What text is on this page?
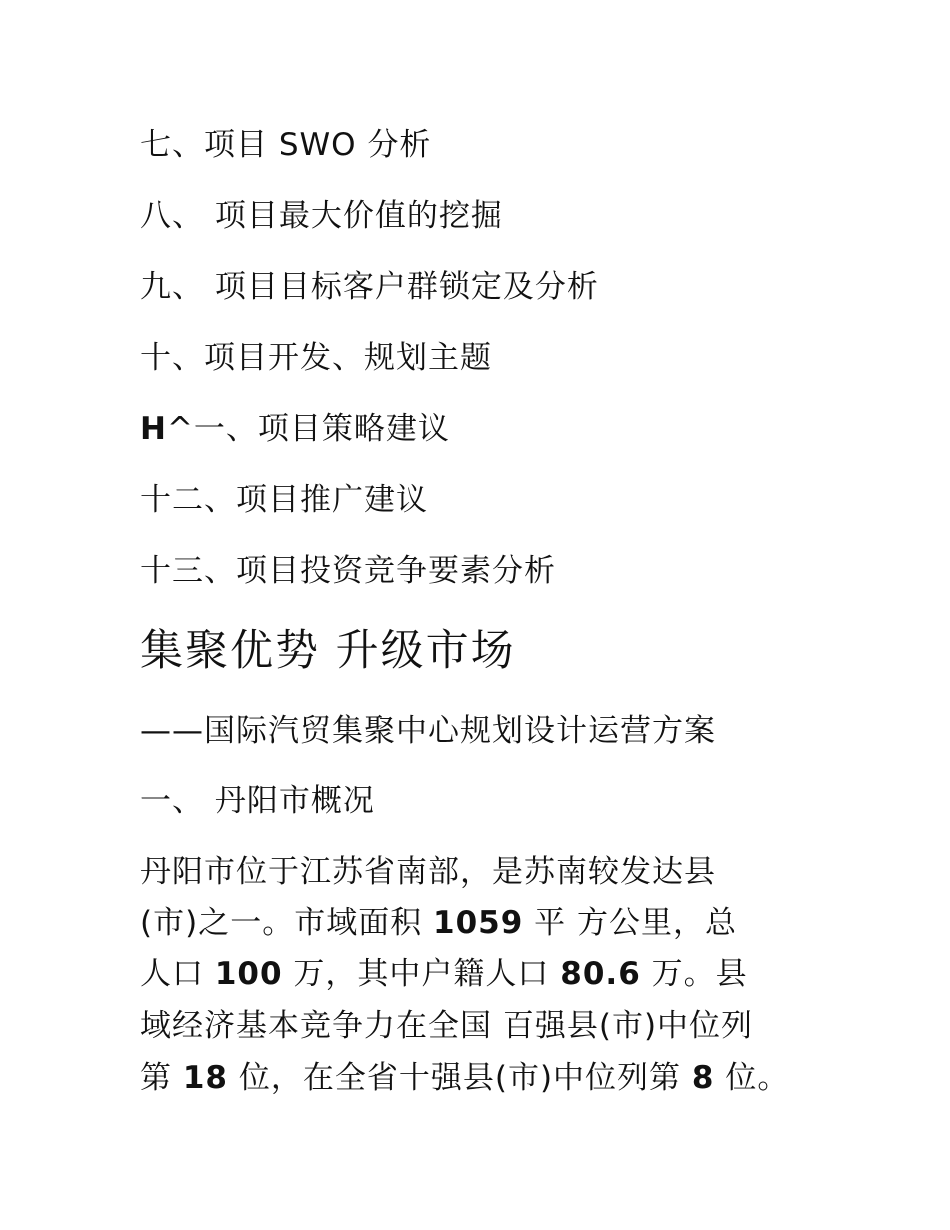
七、项目 SWO 分析
八、 项目最大价值的挖掘
九、 项目目标客户群锁定及分析
十、项目开发、规划主题
H^一、项目策略建议
十二、项目推广建议
十三、项目投资竞争要素分析
集聚优势 升级市场
——国际汽贸集聚中心规划设计运营方案
一、 丹阳市概况
丹阳市位于江苏省南部，是苏南较发达县
(市)之一。市域面积 1059 平 方公里，总
人口 100 万，其中户籍人口 80.6 万。县
域经济基本竞争力在全国 百强县(市)中位列
第 18 位，在全省十强县(市)中位列第 8 位。
